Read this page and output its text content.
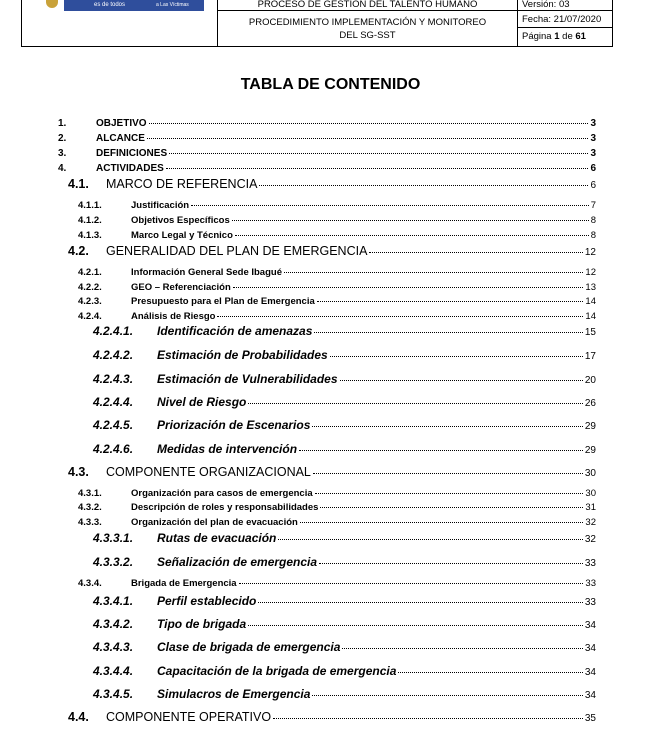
es de todos	a Las Víctimas	PROCESO DE GESTIÓN DEL TALENTO HUMANO
PROCEDIMIENTO IMPLEMENTACIÓN Y MONITOREO
DEL SG-SST
Versión: 03
Fecha: 21/07/2020
Página 1 de 61
TABLA DE CONTENIDO
1.	OBJETIVO	3
2.	ALCANCE	3
3.	DEFINICIONES	3
4.	ACTIVIDADES	6
4.1.	MARCO DE REFERENCIA	6
4.1.1.	Justificación	7
4.1.2.	Objetivos Específicos	8
4.1.3.	Marco Legal y Técnico	8
4.2.	GENERALIDAD DEL PLAN DE EMERGENCIA	12
4.2.1.	Información General Sede Ibagué	12
4.2.2.	GEO – Referenciación	13
4.2.3.	Presupuesto para el Plan de Emergencia	14
4.2.4.	Análisis de Riesgo	14
4.2.4.1.	Identificación de amenazas	15
4.2.4.2.	Estimación de Probabilidades	17
4.2.4.3.	Estimación de Vulnerabilidades	20
4.2.4.4.	Nivel de Riesgo	26
4.2.4.5.	Priorización de Escenarios	29
4.2.4.6.	Medidas de intervención	29
4.3.	COMPONENTE ORGANIZACIONAL	30
4.3.1.	Organización para casos de emergencia	30
4.3.2.	Descripción de roles y responsabilidades	31
4.3.3.	Organización del plan de evacuación	32
4.3.3.1.	Rutas de evacuación	32
4.3.3.2.	Señalización de emergencia	33
4.3.4.	Brigada de Emergencia	33
4.3.4.1.	Perfil establecido	33
4.3.4.2.	Tipo de brigada	34
4.3.4.3.	Clase de brigada de emergencia	34
4.3.4.4.	Capacitación de la brigada de emergencia	34
4.3.4.5.	Simulacros de Emergencia	34
4.4.	COMPONENTE OPERATIVO	35
